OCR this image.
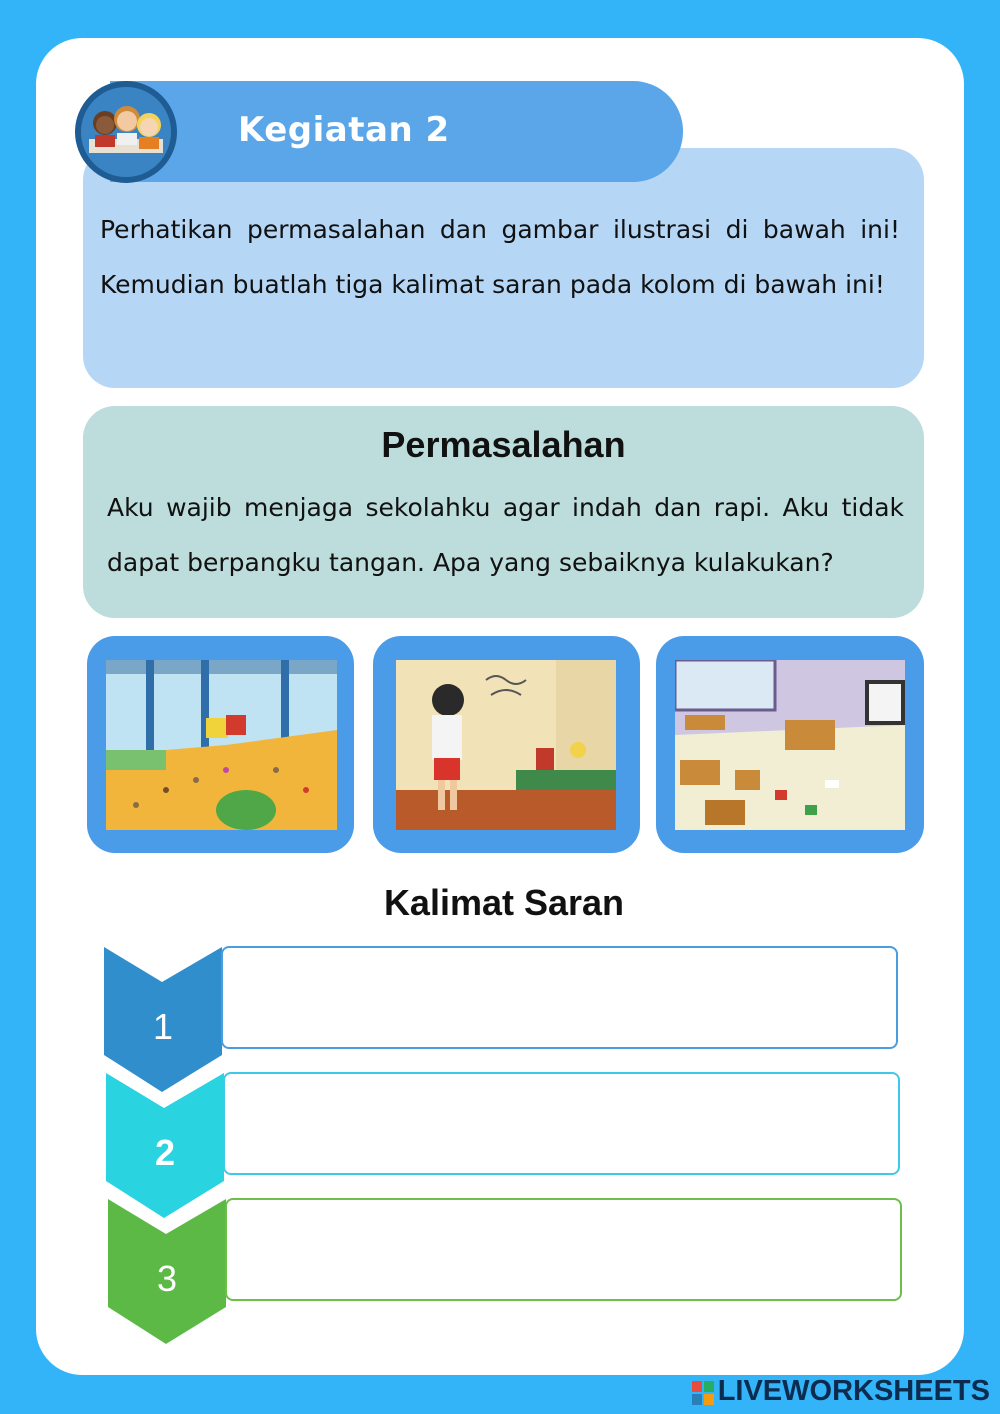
Kegiatan 2
Perhatikan permasalahan dan gambar ilustrasi di bawah ini! Kemudian buatlah tiga kalimat saran pada kolom di bawah ini!
Permasalahan
Aku wajib menjaga sekolahku agar indah dan rapi. Aku tidak dapat berpangku tangan. Apa yang sebaiknya kulakukan?
Kalimat Saran
1
2
3
LIVEWORKSHEETS
